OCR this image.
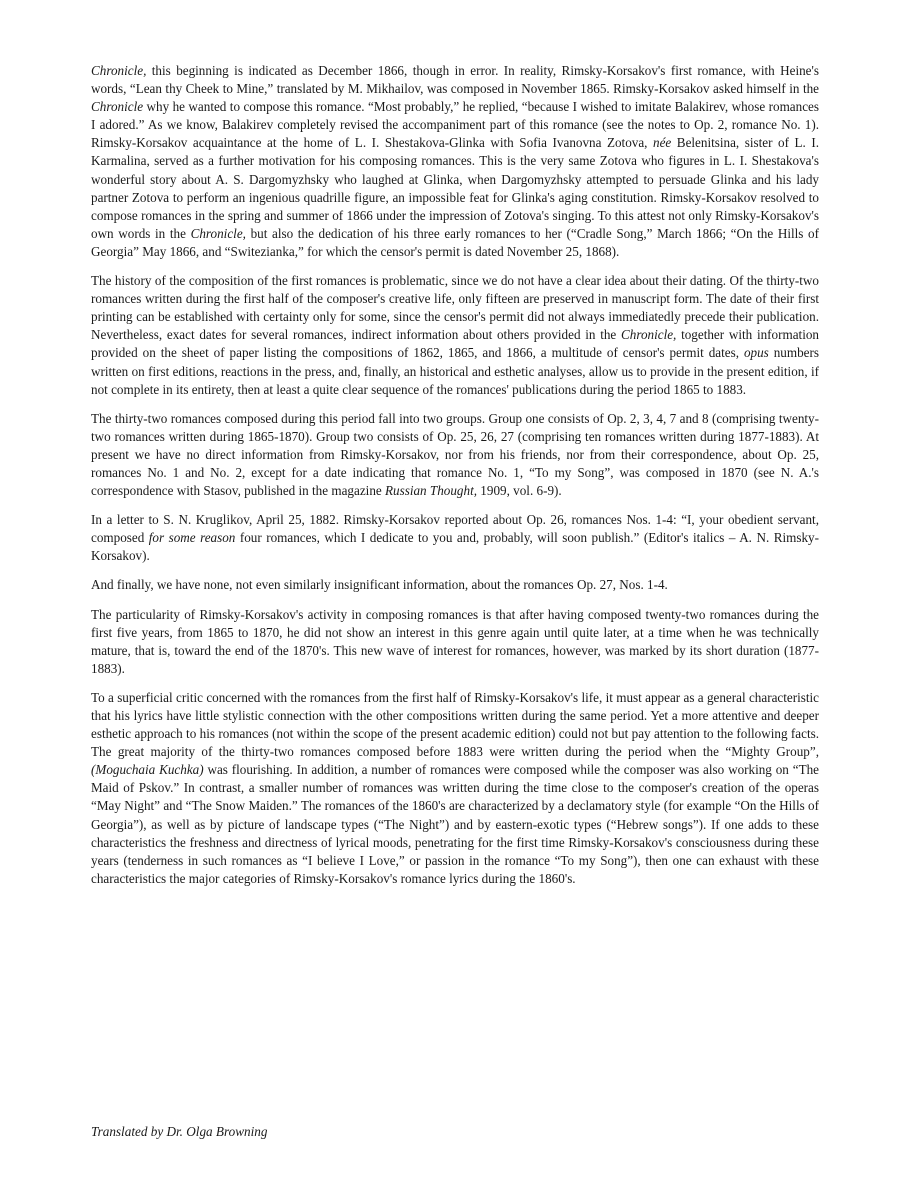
Chronicle, this beginning is indicated as December 1866, though in error. In reality, Rimsky-Korsakov's first romance, with Heine's words, “Lean thy Cheek to Mine,” translated by M. Mikhailov, was composed in November 1865. Rimsky-Korsakov asked himself in the Chronicle why he wanted to compose this romance. “Most probably,” he replied, “because I wished to imitate Balakirev, whose romances I adored.” As we know, Balakirev completely revised the accompaniment part of this romance (see the notes to Op. 2, romance No. 1). Rimsky-Korsakov acquaintance at the home of L. I. Shestakova-Glinka with Sofia Ivanovna Zotova, née Belenitsina, sister of L. I. Karmalina, served as a further motivation for his composing romances. This is the very same Zotova who figures in L. I. Shestakova's wonderful story about A. S. Dargomyzhsky who laughed at Glinka, when Dargomyzhsky attempted to persuade Glinka and his lady partner Zotova to perform an ingenious quadrille figure, an impossible feat for Glinka's aging constitution. Rimsky-Korsakov resolved to compose romances in the spring and summer of 1866 under the impression of Zotova's singing. To this attest not only Rimsky-Korsakov's own words in the Chronicle, but also the dedication of his three early romances to her (“Cradle Song,” March 1866; “On the Hills of Georgia” May 1866, and “Switezianka,” for which the censor's permit is dated November 25, 1868).

The history of the composition of the first romances is problematic, since we do not have a clear idea about their dating. Of the thirty-two romances written during the first half of the composer's creative life, only fifteen are preserved in manuscript form. The date of their first printing can be established with certainty only for some, since the censor's permit did not always immediatedly precede their publication. Nevertheless, exact dates for several romances, indirect information about others provided in the Chronicle, together with information provided on the sheet of paper listing the compositions of 1862, 1865, and 1866, a multitude of censor's permit dates, opus numbers written on first editions, reactions in the press, and, finally, an historical and esthetic analyses, allow us to provide in the present edition, if not complete in its entirety, then at least a quite clear sequence of the romances' publications during the period 1865 to 1883.

The thirty-two romances composed during this period fall into two groups. Group one consists of Op. 2, 3, 4, 7 and 8 (comprising twenty-two romances written during 1865-1870). Group two consists of Op. 25, 26, 27 (comprising ten romances written during 1877-1883). At present we have no direct information from Rimsky-Korsakov, nor from his friends, nor from their correspondence, about Op. 25, romances No. 1 and No. 2, except for a date indicating that romance No. 1, “To my Song”, was composed in 1870 (see N. A.'s correspondence with Stasov, published in the magazine Russian Thought, 1909, vol. 6-9).

In a letter to S. N. Kruglikov, April 25, 1882. Rimsky-Korsakov reported about Op. 26, romances Nos. 1-4: “I, your obedient servant, composed for some reason four romances, which I dedicate to you and, probably, will soon publish.” (Editor's italics – A. N. Rimsky-Korsakov).

And finally, we have none, not even similarly insignificant information, about the romances Op. 27, Nos. 1-4.

The particularity of Rimsky-Korsakov's activity in composing romances is that after having composed twenty-two romances during the first five years, from 1865 to 1870, he did not show an interest in this genre again until quite later, at a time when he was technically mature, that is, toward the end of the 1870's. This new wave of interest for romances, however, was marked by its short duration (1877-1883).

To a superficial critic concerned with the romances from the first half of Rimsky-Korsakov's life, it must appear as a general characteristic that his lyrics have little stylistic connection with the other compositions written during the same period. Yet a more attentive and deeper esthetic approach to his romances (not within the scope of the present academic edition) could not but pay attention to the following facts. The great majority of the thirty-two romances composed before 1883 were written during the period when the “Mighty Group”, (Moguchaia Kuchka) was flourishing. In addition, a number of romances were composed while the composer was also working on “The Maid of Pskov.” In contrast, a smaller number of romances was written during the time close to the composer's creation of the operas “May Night” and “The Snow Maiden.” The romances of the 1860's are characterized by a declamatory style (for example “On the Hills of Georgia”), as well as by picture of landscape types (“The Night”) and by eastern-exotic types (“Hebrew songs”). If one adds to these characteristics the freshness and directness of lyrical moods, penetrating for the first time Rimsky-Korsakov's consciousness during these years (tenderness in such romances as “I believe I Love,” or passion in the romance “To my Song”), then one can exhaust with these characteristics the major categories of Rimsky-Korsakov's romance lyrics during the 1860's.

Translated by Dr. Olga Browning
